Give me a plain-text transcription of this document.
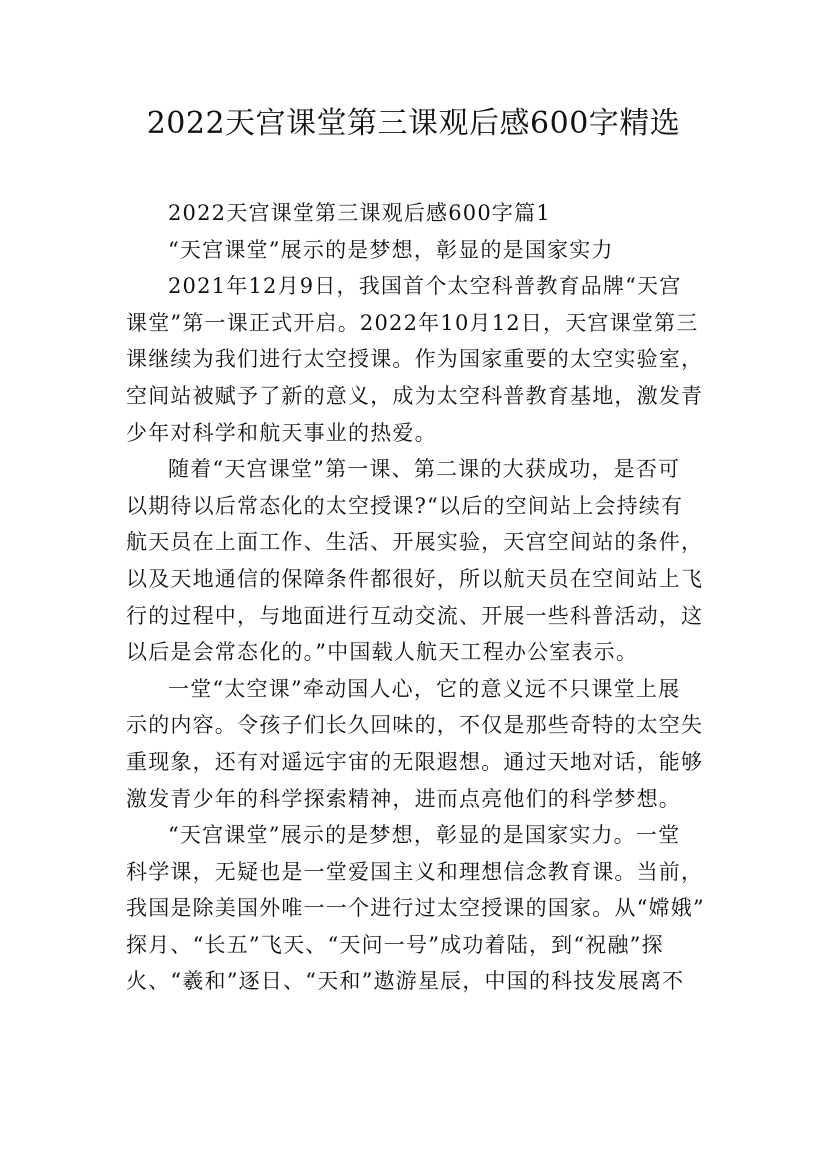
2022天宫课堂第三课观后感600字精选
2022天宫课堂第三课观后感600字篇1
“天宫课堂”展示的是梦想，彰显的是国家实力
2021年12月9日，我国首个太空科普教育品牌“天宫
课堂”第一课正式开启。2022年10月12日，天宫课堂第三
课继续为我们进行太空授课。作为国家重要的太空实验室，
空间站被赋予了新的意义，成为太空科普教育基地，激发青
少年对科学和航天事业的热爱。
随着“天宫课堂”第一课、第二课的大获成功，是否可
以期待以后常态化的太空授课?“以后的空间站上会持续有
航天员在上面工作、生活、开展实验，天宫空间站的条件，
以及天地通信的保障条件都很好，所以航天员在空间站上飞
行的过程中，与地面进行互动交流、开展一些科普活动，这
以后是会常态化的。”中国载人航天工程办公室表示。
一堂“太空课”牵动国人心，它的意义远不只课堂上展
示的内容。令孩子们长久回味的，不仅是那些奇特的太空失
重现象，还有对遥远宇宙的无限遐想。通过天地对话，能够
激发青少年的科学探索精神，进而点亮他们的科学梦想。
“天宫课堂”展示的是梦想，彰显的是国家实力。一堂
科学课，无疑也是一堂爱国主义和理想信念教育课。当前，
我国是除美国外唯一一个进行过太空授课的国家。从“嫦娥”
探月、“长五”飞天、“天问一号”成功着陆，到“祝融”探
火、“羲和”逐日、“天和”遨游星辰，中国的科技发展离不
